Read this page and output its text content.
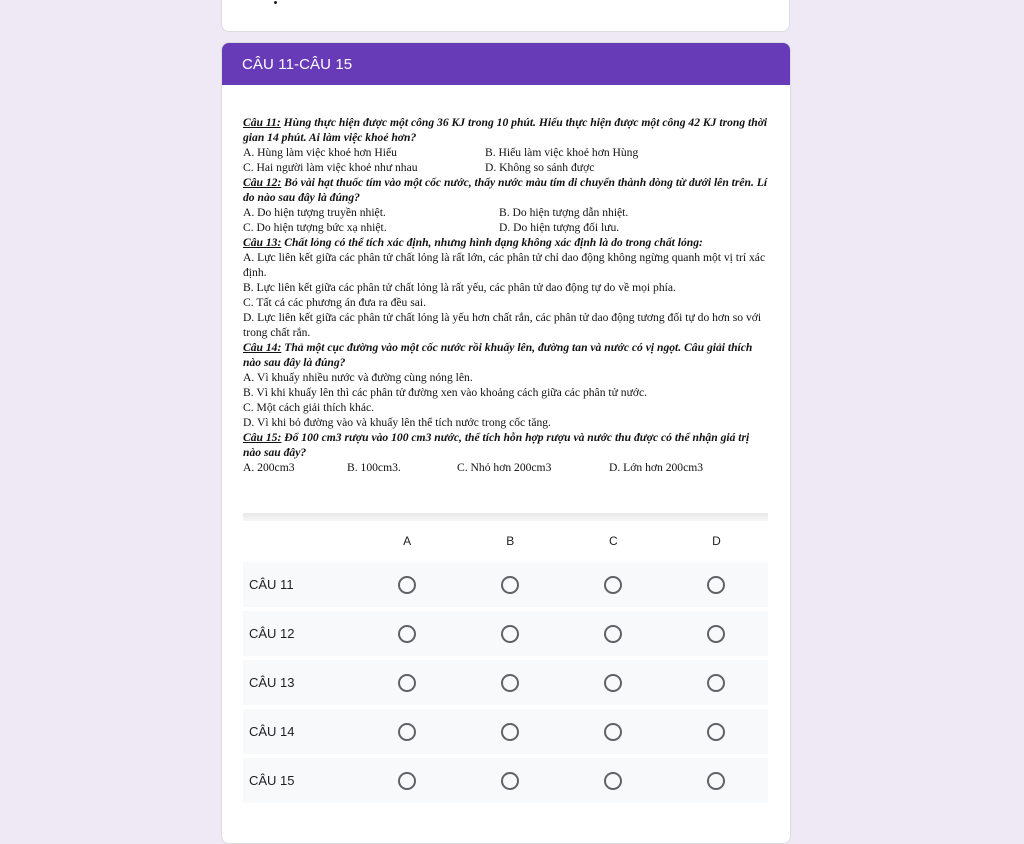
CÂU 11-CÂU 15
Câu 11: Hùng thực hiện được một công 36 KJ trong 10 phút. Hiếu thực hiện được một công 42 KJ trong thời gian 14 phút. Ai làm việc khoẻ hơn?
A. Hùng làm việc khoẻ hơn Hiếu	B. Hiếu làm việc khoẻ hơn Hùng
C. Hai người làm việc khoẻ như nhau	D. Không so sánh được
Câu 12: Bỏ vài hạt thuốc tím vào một cốc nước, thấy nước màu tím di chuyển thành dòng từ dưới lên trên. Lí do nào sau đây là đúng?
A. Do hiện tượng truyền nhiệt.	B. Do hiện tượng dẫn nhiệt.
C. Do hiện tượng bức xạ nhiệt.	D. Do hiện tượng đối lưu.
Câu 13: Chất lỏng có thể tích xác định, nhưng hình dạng không xác định là do trong chất lỏng:
A. Lực liên kết giữa các phân tử chất lỏng là rất lớn, các phân tử chỉ dao động không ngừng quanh một vị trí xác định.
B. Lực liên kết giữa các phân tử chất lỏng là rất yếu, các phân tử dao động tự do về mọi phía.
C. Tất cả các phương án đưa ra đều sai.
D. Lực liên kết giữa các phân tử chất lỏng là yếu hơn chất rắn, các phân tử dao động tương đối tự do hơn so với trong chất rắn.
Câu 14: Thả một cục đường vào một cốc nước rồi khuấy lên, đường tan và nước có vị ngọt. Câu giải thích nào sau đây là đúng?
A. Vì khuấy nhiều nước và đường cùng nóng lên.
B. Vì khi khuấy lên thì các phân tử đường xen vào khoảng cách giữa các phân tử nước.
C. Một cách giải thích khác.
D. Vì khi bỏ đường vào và khuấy lên thể tích nước trong cốc tăng.
Câu 15: Đổ 100 cm3 rượu vào 100 cm3 nước, thể tích hỗn hợp rượu và nước thu được có thể nhận giá trị nào sau đây?
A. 200cm3	B. 100cm3.	C. Nhỏ hơn 200cm3	D. Lớn hơn 200cm3
A	B	C	D
CÂU 11
CÂU 12
CÂU 13
CÂU 14
CÂU 15
